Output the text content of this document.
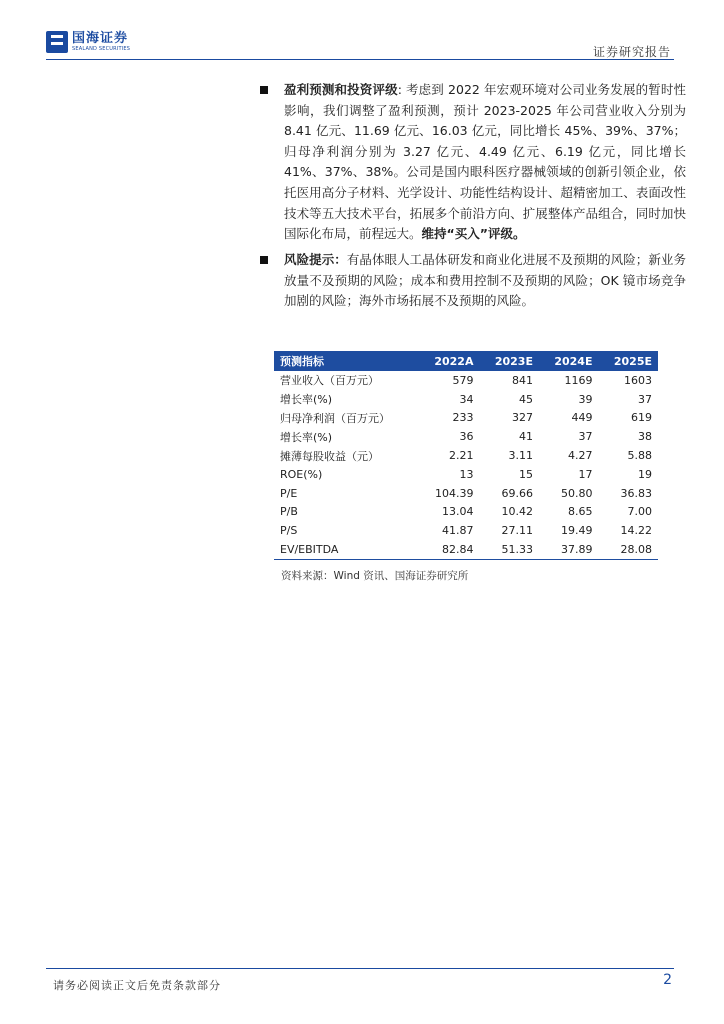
国海证券
SEALAND SECURITIES	证券研究报告
盈利预测和投资评级: 考虑到 2022 年宏观环境对公司业务发展的暂时性影响，我们调整了盈利预测，预计 2023-2025 年公司营业收入分别为 8.41 亿元、11.69 亿元、16.03 亿元，同比增长 45%、39%、37%；归母净利润分别为 3.27 亿元、4.49 亿元、6.19 亿元，同比增长 41%、37%、38%。公司是国内眼科医疗器械领域的创新引领企业，依托医用高分子材料、光学设计、功能性结构设计、超精密加工、表面改性技术等五大技术平台，拓展多个前沿方向、扩展整体产品组合，同时加快国际化布局，前程远大。维持“买入”评级。
风险提示：有晶体眼人工晶体研发和商业化进展不及预期的风险；新业务放量不及预期的风险；成本和费用控制不及预期的风险；OK 镜市场竞争加剧的风险；海外市场拓展不及预期的风险。
预测指标	2022A	2023E	2024E	2025E
营业收入（百万元）	579	841	1169	1603
增长率(%)	34	45	39	37
归母净利润（百万元）	233	327	449	619
增长率(%)	36	41	37	38
摊薄每股收益（元）	2.21	3.11	4.27	5.88
ROE(%)	13	15	17	19
P/E	104.39	69.66	50.80	36.83
P/B	13.04	10.42	8.65	7.00
P/S	41.87	27.11	19.49	14.22
EV/EBITDA	82.84	51.33	37.89	28.08
资料来源：Wind 资讯、国海证券研究所
请务必阅读正文后免责条款部分	2
